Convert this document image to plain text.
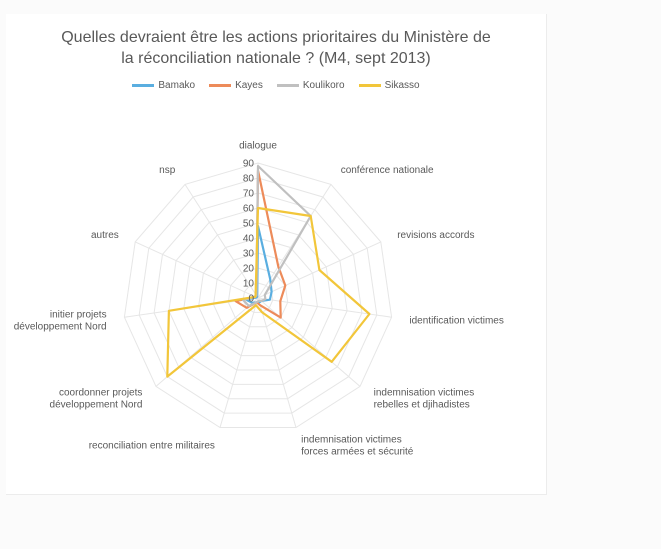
Quelles devraient être les actions prioritaires du Ministère de
la réconciliation nationale ? (M4, sept 2013)
Bamako	Kayes	Koulikoro	Sikasso
0
10
20
30
40
50
60
70
80
90
dialogue
conférence nationale
revisions accords
identification victimes
indemnisation victimes rebelles et djihadistes
indemnisation victimes forces armées et sécurité
reconciliation entre militaires
coordonner projets développement Nord
initier projets développement Nord
autres
nsp
